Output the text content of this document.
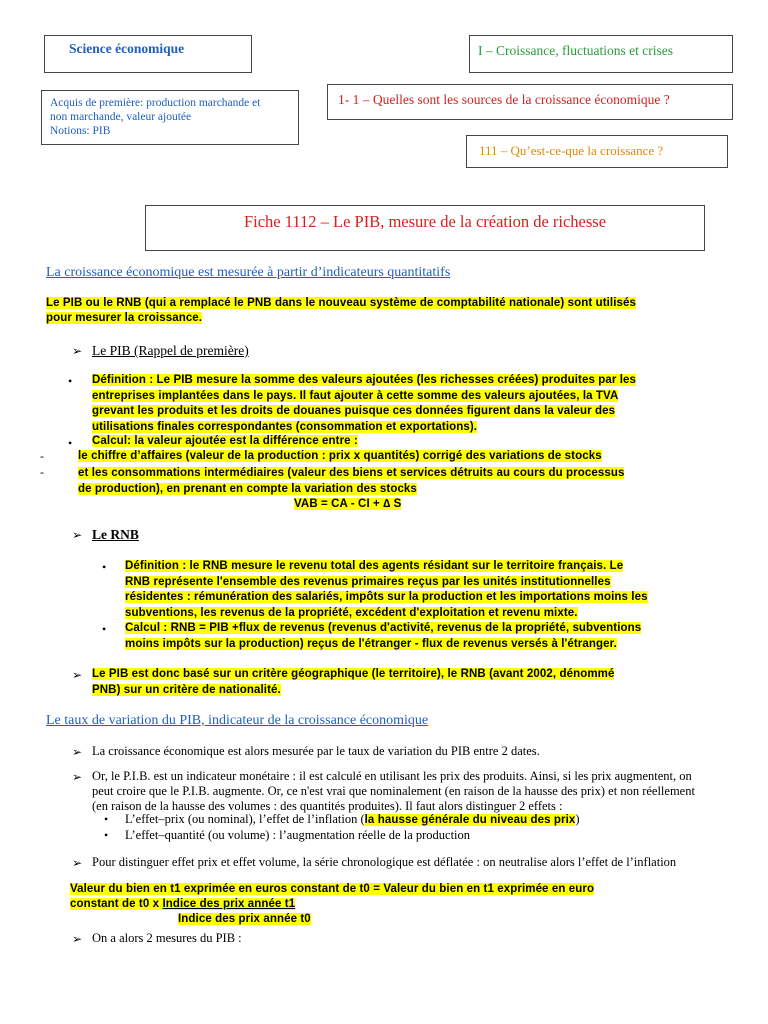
Science économique	I – Croissance, fluctuations et crises
Acquis de première: production marchande et
non marchande, valeur ajoutée
Notions: PIB
1- 1 – Quelles sont les sources de la croissance économique ?
111 – Qu’est-ce-que la croissance ?
Fiche 1112 – Le PIB, mesure de la création de richesse
La croissance économique est mesurée à partir d’indicateurs quantitatifs
Le PIB ou le RNB (qui a remplacé le PNB dans le nouveau système de comptabilité nationale) sont utilisés
pour mesurer la croissance.
➢ Le PIB (Rappel de première)
• Définition : Le PIB mesure la somme des valeurs ajoutées (les richesses créées) produites par les
entreprises implantées dans le pays. Il faut ajouter à cette somme des valeurs ajoutées, la TVA
grevant les produits et les droits de douanes puisque ces données figurent dans la valeur des
utilisations finales correspondantes (consommation et exportations).
• Calcul: la valeur ajoutée est la différence entre :
-	le chiffre d’affaires (valeur de la production : prix x quantités) corrigé des variations de stocks
-	et les consommations intermédiaires (valeur des biens et services détruits au cours du processus
de production), en prenant en compte la variation des stocks
VAB = CA - CI + ∆ S
➢ Le RNB
• Définition : le RNB mesure le revenu total des agents résidant sur le territoire français. Le
RNB représente l'ensemble des revenus primaires reçus par les unités institutionnelles
résidentes : rémunération des salariés, impôts sur la production et les importations moins les
subventions, les revenus de la propriété, excédent d'exploitation et revenu mixte.
• Calcul : RNB = PIB +flux de revenus (revenus d'activité, revenus de la propriété, subventions
moins impôts sur la production) reçus de l'étranger - flux de revenus versés à l'étranger.
➢ Le PIB est donc basé sur un critère géographique (le territoire), le RNB (avant 2002, dénommé
PNB) sur un critère de nationalité.
Le taux de variation du PIB, indicateur de la croissance économique
➢ La croissance économique est alors mesurée par le taux de variation du PIB entre 2 dates.
➢ Or, le P.I.B. est un indicateur monétaire : il est calculé en utilisant les prix des produits. Ainsi, si les prix augmentent, on
peut croire que le P.I.B. augmente. Or, ce n'est vrai que nominalement (en raison de la hausse des prix) et non réellement
(en raison de la hausse des volumes : des quantités produites). Il faut alors distinguer 2 effets :
• L’effet–prix (ou nominal), l’effet de l’inflation (la hausse générale du niveau des prix)
• L’effet–quantité (ou volume) : l’augmentation réelle de la production
➢ Pour distinguer effet prix et effet volume, la série chronologique est déflatée : on neutralise alors l’effet de l’inflation
Valeur du bien en t1 exprimée en euros constant de t0 = Valeur du bien en t1 exprimée en euro
constant de t0 x Indice des prix année t1
Indice des prix année t0
➢ On a alors 2 mesures du PIB :
